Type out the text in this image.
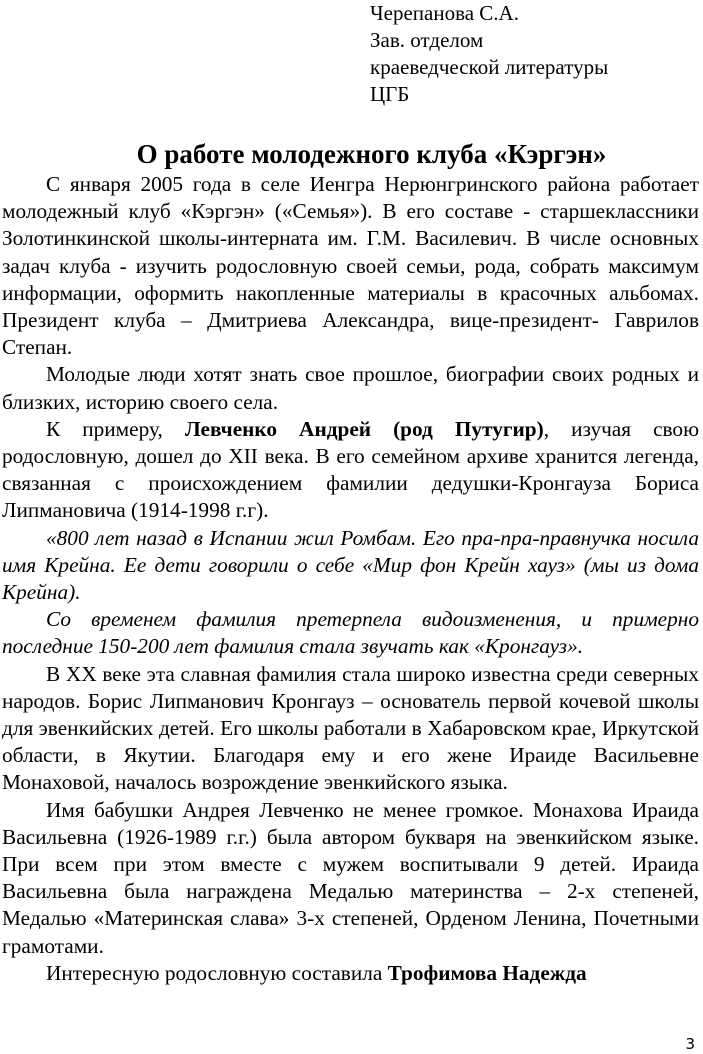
Черепанова С.А.
Зав. отделом
краеведческой литературы
ЦГБ
О работе молодежного клуба «Кэргэн»

С января 2005 года в селе Иенгра Нерюнгринского района работает молодежный клуб «Кэргэн» («Семья»). В его составе - старшеклассники Золотинкинской школы-интерната им. Г.М. Василевич. В числе основных задач клуба - изучить родословную своей семьи, рода, собрать максимум информации, оформить накопленные материалы в красочных альбомах. Президент клуба – Дмитриева Александра, вице-президент- Гаврилов Степан.

Молодые люди хотят знать свое прошлое, биографии своих родных и близких, историю своего села.

К примеру, Левченко Андрей (род Путугир), изучая свою родословную, дошел до XII века. В его семейном архиве хранится легенда, связанная с происхождением фамилии дедушки-Кронгауза Бориса Липмановича (1914-1998 г.г).

«800 лет назад в Испании жил Ромбам. Его пра-пра-правнучка носила имя Крейна. Ее дети говорили о себе «Мир фон Крейн хауз» (мы из дома Крейна).

Со временем фамилия претерпела видоизменения, и примерно последние 150-200 лет фамилия стала звучать как «Кронгауз».

В XX веке эта славная фамилия стала широко известна среди северных народов. Борис Липманович Кронгауз – основатель первой кочевой школы для эвенкийских детей. Его школы работали в Хабаровском крае, Иркутской области, в Якутии. Благодаря ему и его жене Ираиде Васильевне Монаховой, началось возрождение эвенкийского языка.

Имя бабушки Андрея Левченко не менее громкое. Монахова Ираида Васильевна (1926-1989 г.г.) была автором букваря на эвенкийском языке. При всем при этом вместе с мужем воспитывали 9 детей. Ираида Васильевна была награждена Медалью материнства – 2-х степеней, Медалью «Материнская слава» 3-х степеней, Орденом Ленина, Почетными грамотами.

Интересную родословную составила Трофимова Надежда

3
